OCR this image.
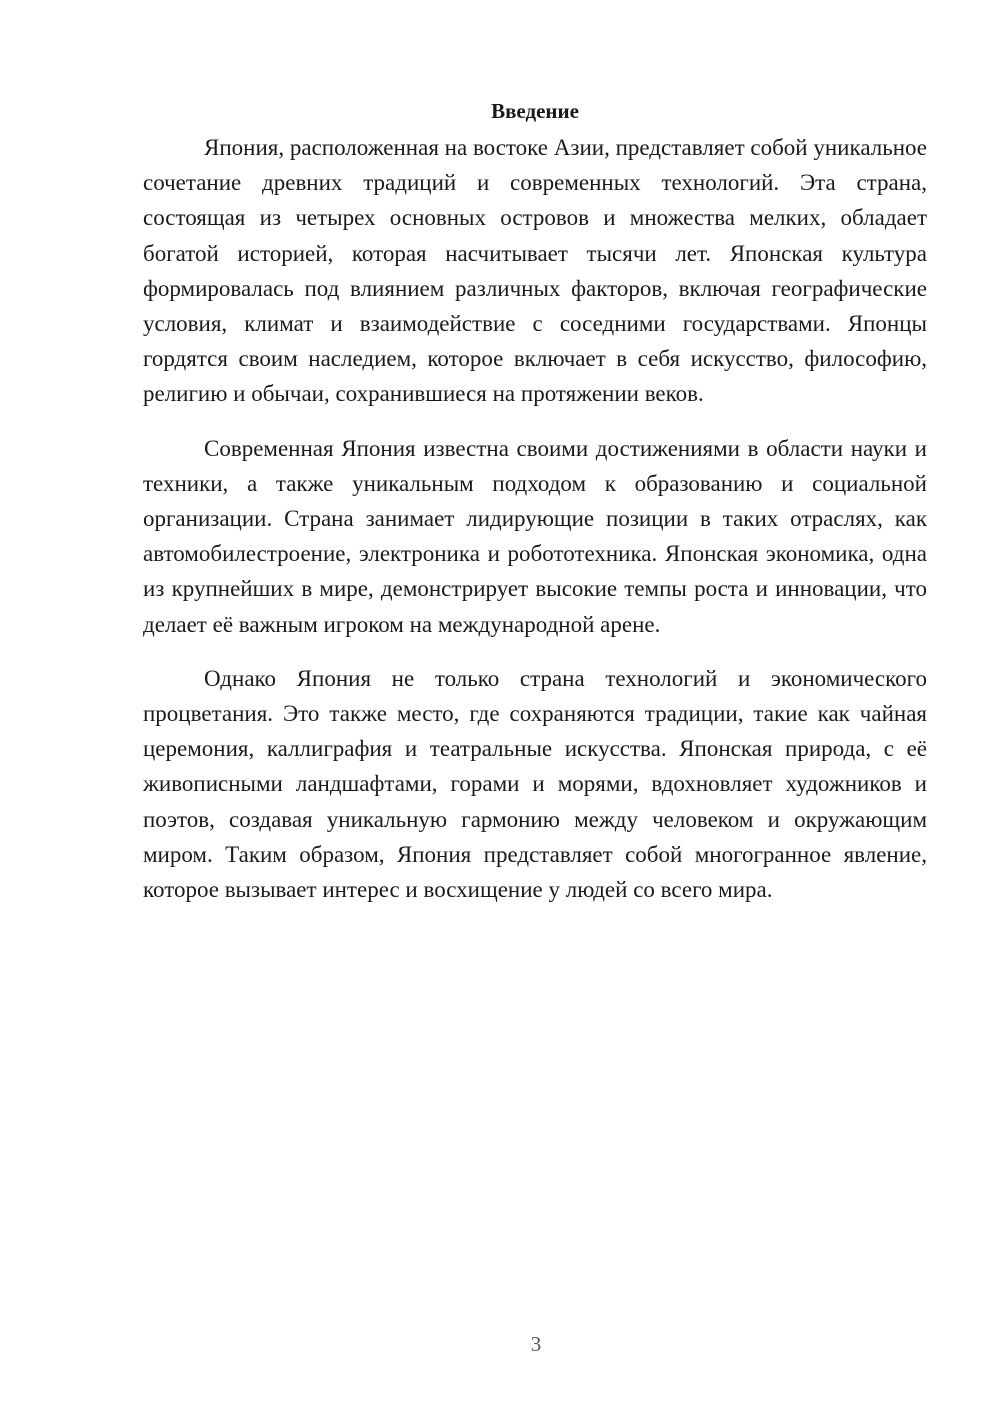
Введение

Япония, расположенная на востоке Азии, представляет собой уникальное сочетание древних традиций и современных технологий. Эта страна, состоящая из четырех основных островов и множества мелких, обладает богатой историей, которая насчитывает тысячи лет. Японская культура формировалась под влиянием различных факторов, включая географические условия, климат и взаимодействие с соседними государствами. Японцы гордятся своим наследием, которое включает в себя искусство, философию, религию и обычаи, сохранившиеся на протяжении веков.

Современная Япония известна своими достижениями в области науки и техники, а также уникальным подходом к образованию и социальной организации. Страна занимает лидирующие позиции в таких отраслях, как автомобилестроение, электроника и робототехника. Японская экономика, одна из крупнейших в мире, демонстрирует высокие темпы роста и инновации, что делает её важным игроком на международной арене.

Однако Япония не только страна технологий и экономического процветания. Это также место, где сохраняются традиции, такие как чайная церемония, каллиграфия и театральные искусства. Японская природа, с её живописными ландшафтами, горами и морями, вдохновляет художников и поэтов, создавая уникальную гармонию между человеком и окружающим миром. Таким образом, Япония представляет собой многогранное явление, которое вызывает интерес и восхищение у людей со всего мира.

3
